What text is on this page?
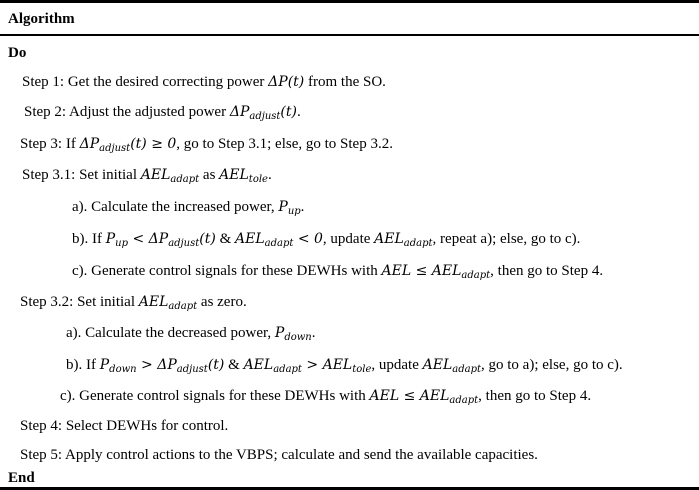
Algorithm
Do
Step 1: Get the desired correcting power ΔP(t) from the SO.
Step 2: Adjust the adjusted power $\Delta P_{adjust}(t)$.
Step 3: If $\Delta P_{adjust}(t) \ge 0$, go to Step 3.1; else, go to Step 3.2.
Step 3.1: Set initial $AEL_{adapt}$ as $AEL_{tole}$.
a). Calculate the increased power, $P_{up}$.
b). If $P_{up} < \Delta P_{adjust}(t)$ & $AEL_{adapt} < 0$, update $AEL_{adapt}$, repeat a); else, go to c).
c). Generate control signals for these DEWHs with AEL ≤ $AEL_{adapt}$, then go to Step 4.
Step 3.2: Set initial $AEL_{adapt}$ as zero.
a). Calculate the decreased power, $P_{down}$.
b). If $P_{down} > \Delta P_{adjust}(t)$ & $AEL_{adapt} > AEL_{tole}$, update $AEL_{adapt}$, go to a); else, go to c).
c). Generate control signals for these DEWHs with AEL ≤ $AEL_{adapt}$, then go to Step 4.
Step 4: Select DEWHs for control.
Step 5: Apply control actions to the VBPS; calculate and send the available capacities.
End
